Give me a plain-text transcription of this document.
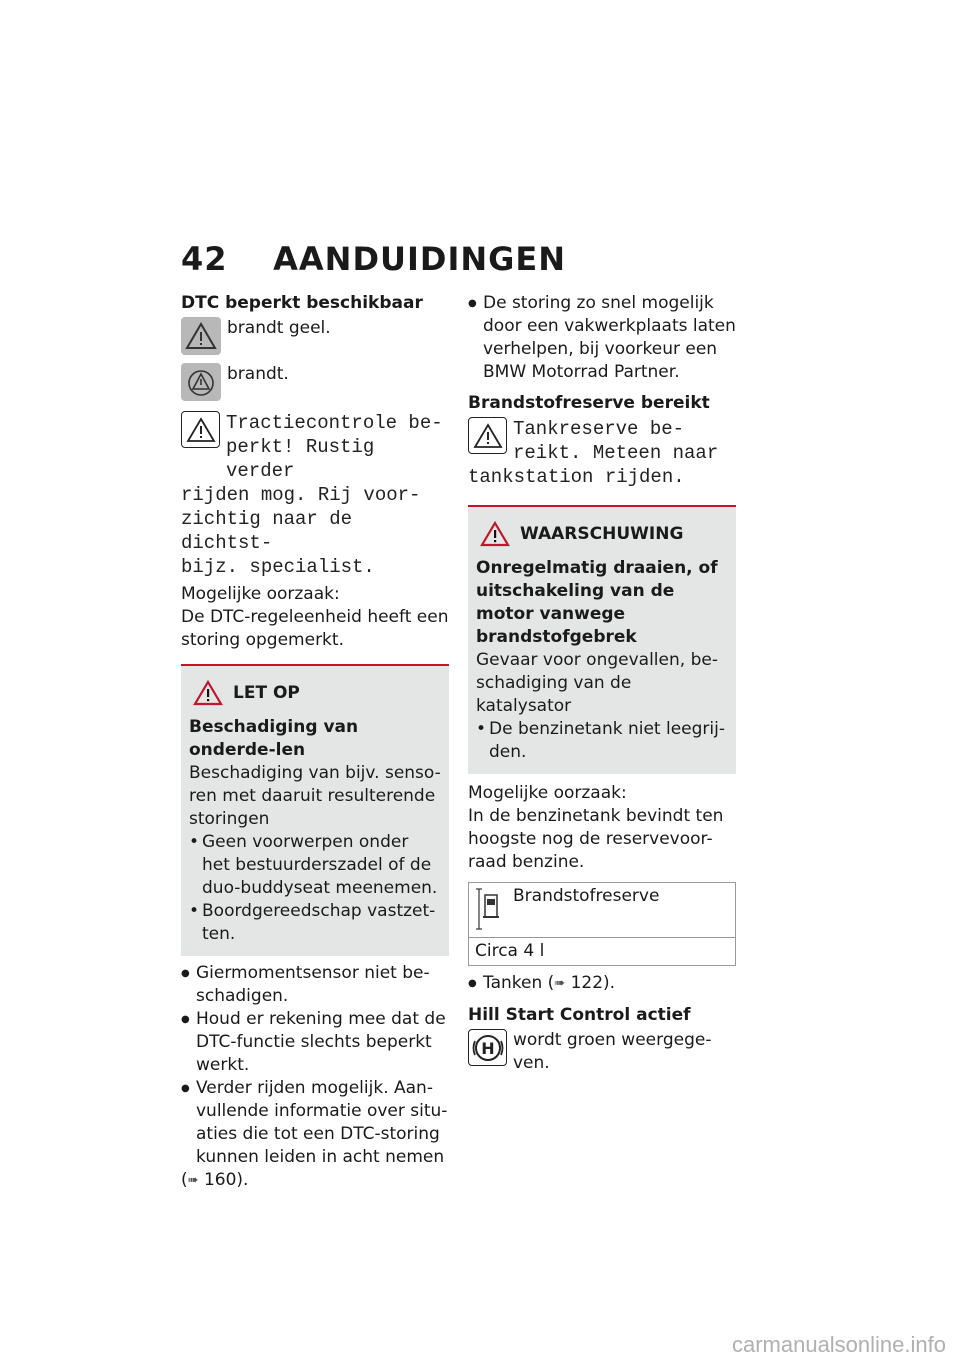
42 AANDUIDINGEN
DTC beperkt beschikbaar
brandt geel.
brandt.
Tractiecontrole be-
perkt! Rustig verder
rijden mog. Rij voor-
zichtig naar de dichtst-
bijz. specialist.

Mogelijke oorzaak:

De DTC-regeleenheid heeft een storing opgemerkt.

LET OP
Beschadiging van onderde-len

Beschadiging van bijv. senso-ren met daaruit resulterende storingen

• Geen voorwerpen onder het bestuurderszadel of de duo-buddyseat meenemen.
• Boordgereedschap vastzet-ten.
● Giermomentsensor niet be-schadigen.
● Houd er rekening mee dat de DTC-functie slechts beperkt werkt.
● Verder rijden mogelijk. Aan-vullende informatie over situ-aties die tot een DTC-storing kunnen leiden in acht nemen

(➠ 160).

● De storing zo snel mogelijk door een vakwerkplaats laten verhelpen, bij voorkeur een BMW Motorrad Partner.
Brandstofreserve bereikt
Tankreserve be-
reikt. Meteen naar
tankstation rijden.
WAARSCHUWING
Onregelmatig draaien, of uitschakeling van de motor vanwege brandstofgebrek

Gevaar voor ongevallen, be-schadiging van de katalysator

• De benzinetank niet leegrij-den.

Mogelijke oorzaak:

In de benzinetank bevindt ten hoogste nog de reservevoor-raad benzine.

Brandstofreserve

Circa 4 l
● Tanken (➠ 122).
Hill Start Control actief
H wordt groen weergege-ven.
carmanualsonline.info
